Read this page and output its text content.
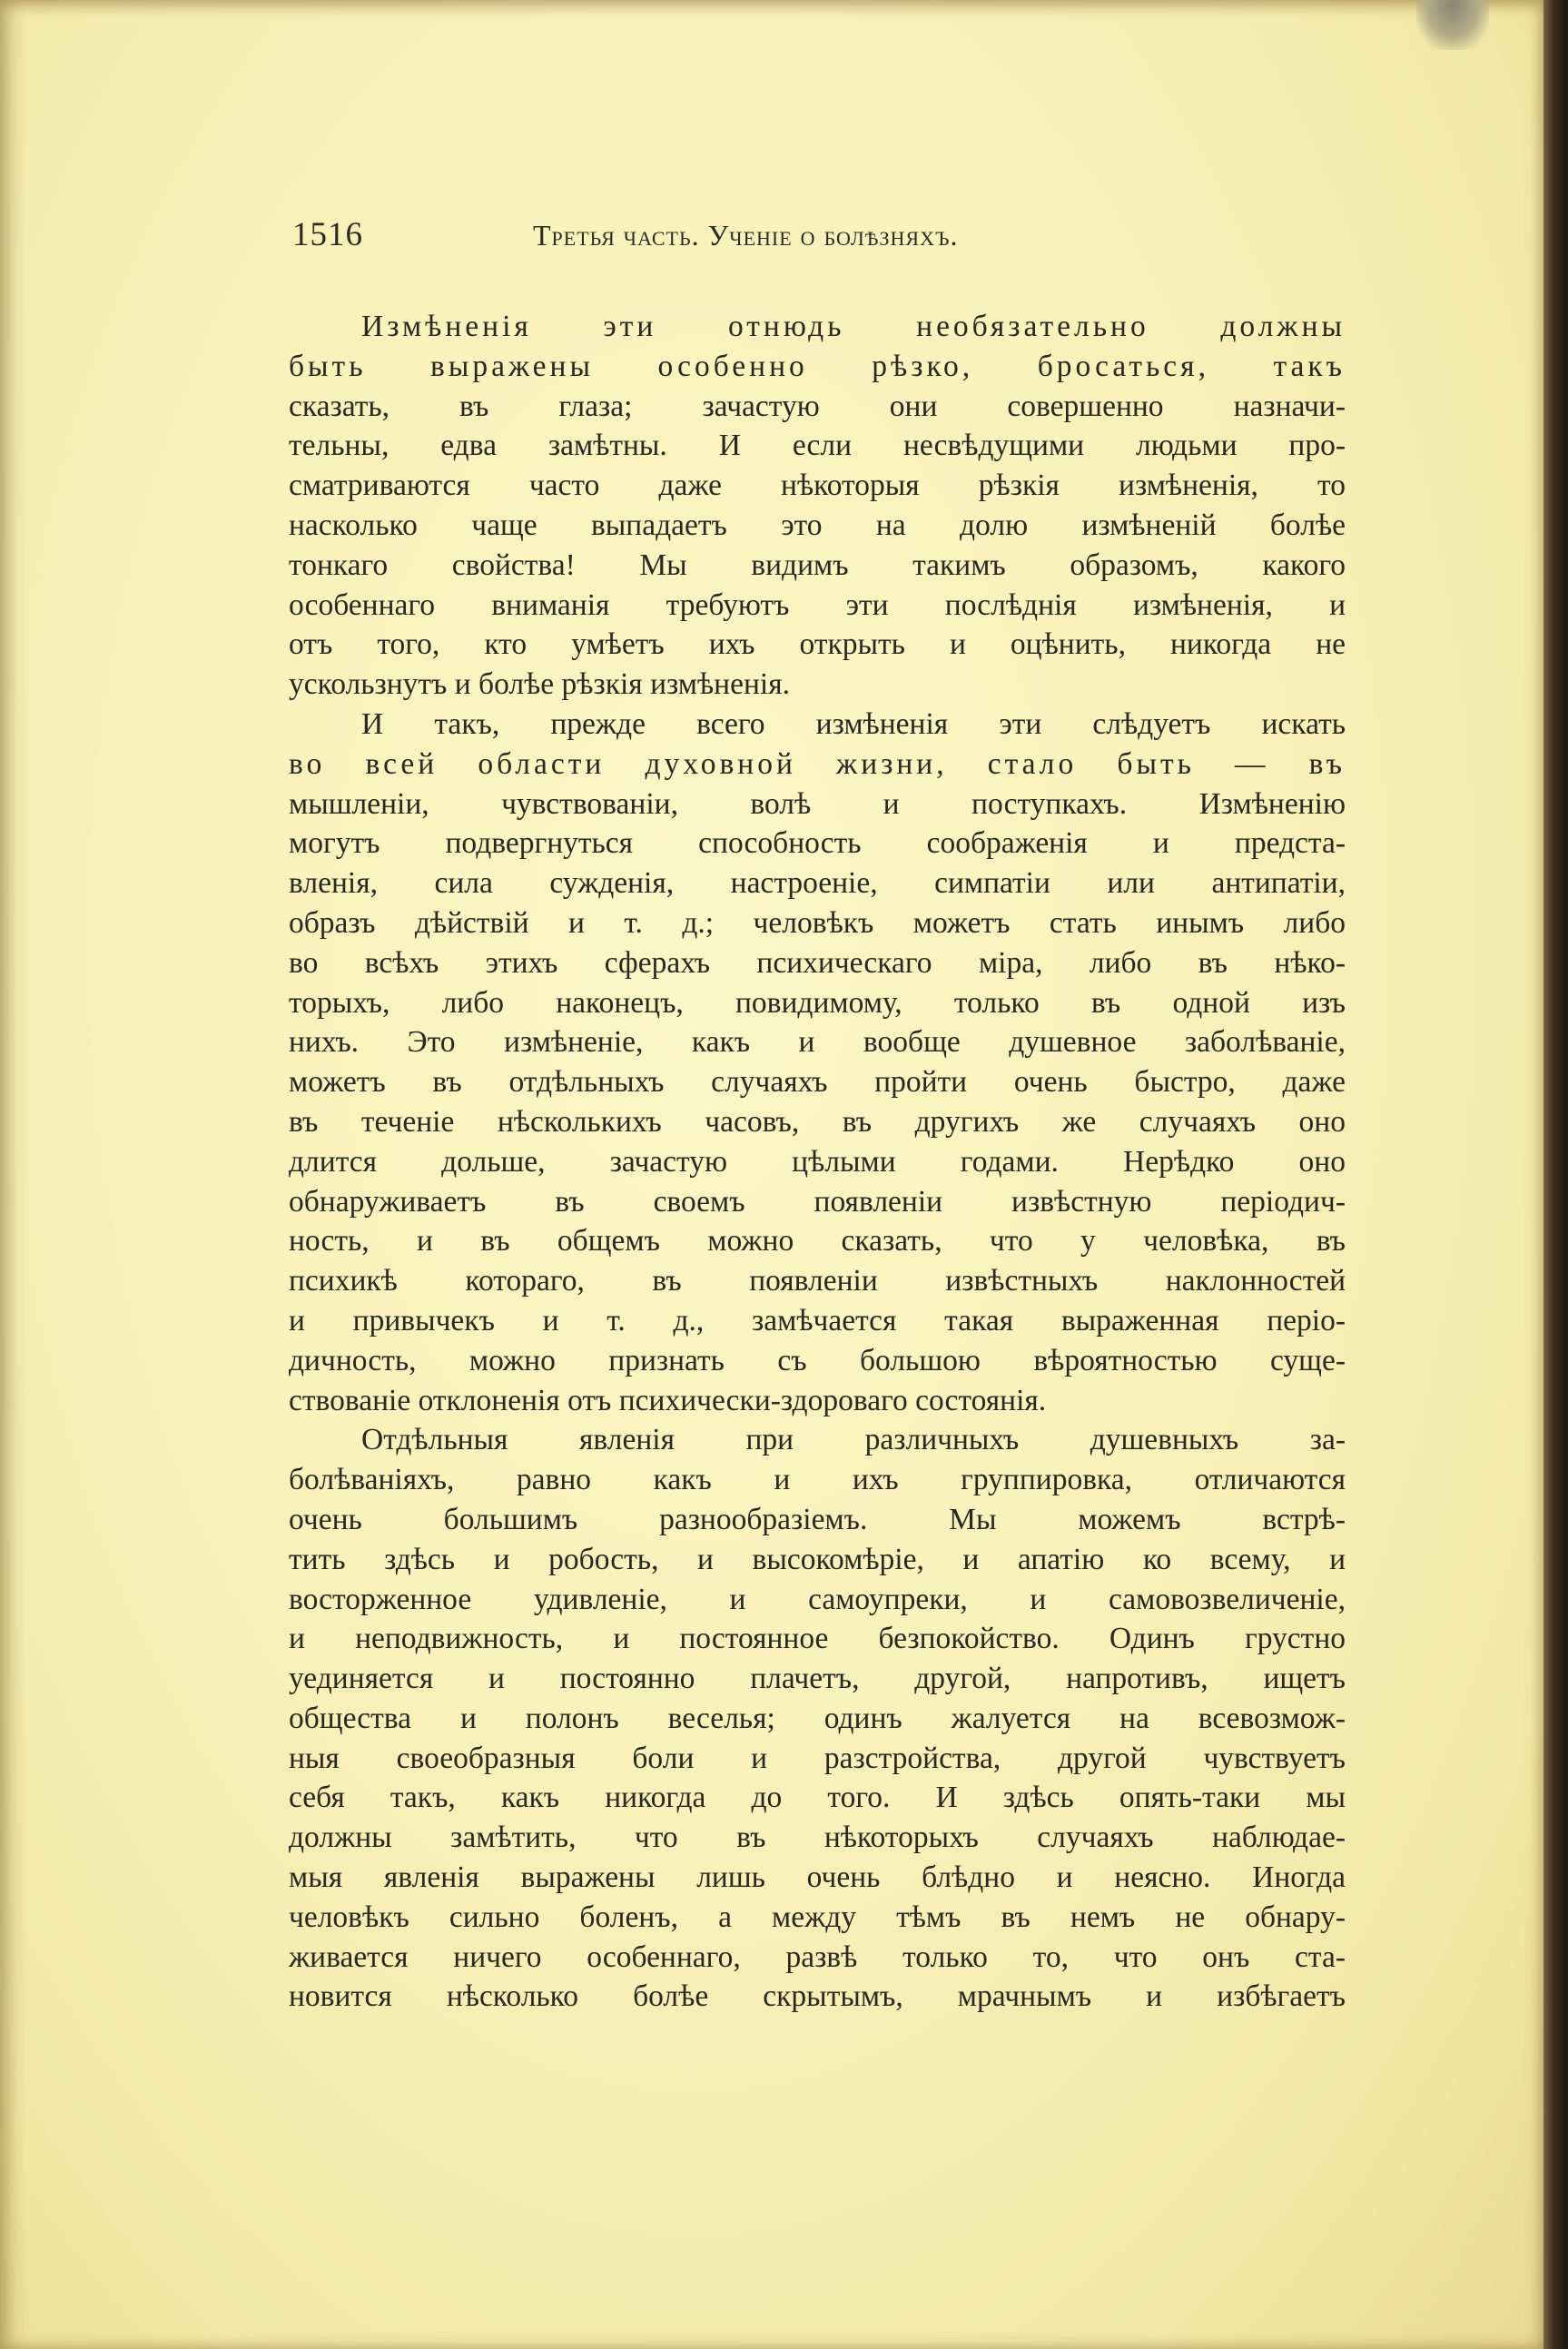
1516	Третья часть. Ученіе о болѣзняхъ.
Измѣненія эти отнюдь необязательно должны
быть выражены особенно рѣзко, бросаться, такъ
сказать, въ глаза; зачастую они совершенно назначи-
тельны, едва замѣтны. И если несвѣдущими людьми про-
сматриваются часто даже нѣкоторыя рѣзкія измѣненія, то
насколько чаще выпадаетъ это на долю измѣненій болѣе
тонкаго свойства! Мы видимъ такимъ образомъ, какого
особеннаго вниманія требуютъ эти послѣднія измѣненія, и
отъ того, кто умѣетъ ихъ открыть и оцѣнить, никогда не
ускользнутъ и болѣе рѣзкія измѣненія.
И такъ, прежде всего измѣненія эти слѣдуетъ искать
во всей области духовной жизни, стало быть — въ
мышленіи, чувствованіи, волѣ и поступкахъ. Измѣненію
могутъ подвергнуться способность соображенія и предста-
вленія, сила сужденія, настроеніе, симпатіи или антипатіи,
образъ дѣйствій и т. д.; человѣкъ можетъ стать инымъ либо
во всѣхъ этихъ сферахъ психическаго міра, либо въ нѣко-
торыхъ, либо наконецъ, повидимому, только въ одной изъ
нихъ. Это измѣненіе, какъ и вообще душевное заболѣваніе,
можетъ въ отдѣльныхъ случаяхъ пройти очень быстро, даже
въ теченіе нѣсколькихъ часовъ, въ другихъ же случаяхъ оно
длится дольше, зачастую цѣлыми годами. Нерѣдко оно
обнаруживаетъ въ своемъ появленіи извѣстную періодич-
ность, и въ общемъ можно сказать, что у человѣка, въ
психикѣ котораго, въ появленіи извѣстныхъ наклонностей
и привычекъ и т. д., замѣчается такая выраженная періо-
дичность, можно признать съ большою вѣроятностью суще-
ствованіе отклоненія отъ психически-здороваго состоянія.
Отдѣльныя явленія при различныхъ душевныхъ за-
болѣваніяхъ, равно какъ и ихъ группировка, отличаются
очень большимъ разнообразіемъ. Мы можемъ встрѣ-
тить здѣсь и робость, и высокомѣріе, и апатію ко всему, и
восторженное удивленіе, и самоупреки, и самовозвеличеніе,
и неподвижность, и постоянное безпокойство. Одинъ грустно
уединяется и постоянно плачетъ, другой, напротивъ, ищетъ
общества и полонъ веселья; одинъ жалуется на всевозмож-
ныя своеобразныя боли и разстройства, другой чувствуетъ
себя такъ, какъ никогда до того. И здѣсь опять-таки мы
должны замѣтить, что въ нѣкоторыхъ случаяхъ наблюдае-
мыя явленія выражены лишь очень блѣдно и неясно. Иногда
человѣкъ сильно боленъ, а между тѣмъ въ немъ не обнару-
живается ничего особеннаго, развѣ только то, что онъ ста-
новится нѣсколько болѣе скрытымъ, мрачнымъ и избѣгаетъ
